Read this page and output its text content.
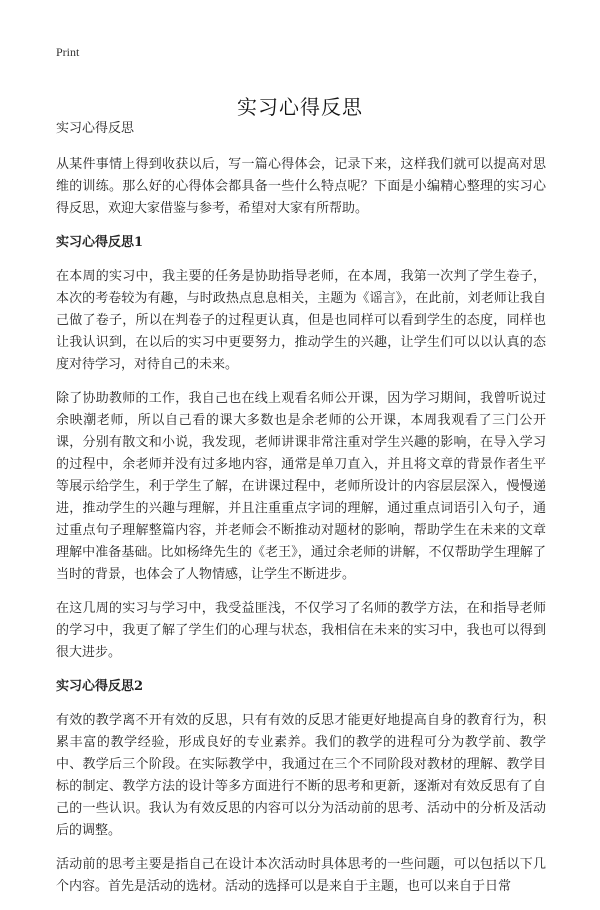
Print
实习心得反思

实习心得反思

从某件事情上得到收获以后，写一篇心得体会，记录下来，这样我们就可以提高对思维的训练。那么好的心得体会都具备一些什么特点呢？下面是小编精心整理的实习心得反思，欢迎大家借鉴与参考，希望对大家有所帮助。

实习心得反思1

在本周的实习中，我主要的任务是协助指导老师，在本周，我第一次判了学生卷子，本次的考卷较为有趣，与时政热点息息相关，主题为《谣言》，在此前，刘老师让我自己做了卷子，所以在判卷子的过程更认真，但是也同样可以看到学生的态度，同样也让我认识到，在以后的实习中更要努力，推动学生的兴趣，让学生们可以以认真的态度对待学习，对待自己的未来。

除了协助教师的工作，我自己也在线上观看名师公开课，因为学习期间，我曾听说过余映潮老师，所以自己看的课大多数也是余老师的公开课，本周我观看了三门公开课，分别有散文和小说，我发现，老师讲课非常注重对学生兴趣的影响，在导入学习的过程中，余老师并没有过多地内容，通常是单刀直入，并且将文章的背景作者生平等展示给学生，利于学生了解，在讲课过程中，老师所设计的内容层层深入，慢慢递进，推动学生的兴趣与理解，并且注重重点字词的理解，通过重点词语引入句子，通过重点句子理解整篇内容，并老师会不断推动对题材的影响，帮助学生在未来的文章理解中准备基础。比如杨绛先生的《老王》，通过余老师的讲解，不仅帮助学生理解了当时的背景，也体会了人物情感，让学生不断进步。

在这几周的实习与学习中，我受益匪浅，不仅学习了名师的教学方法，在和指导老师的学习中，我更了解了学生们的心理与状态，我相信在未来的实习中，我也可以得到很大进步。

实习心得反思2

有效的教学离不开有效的反思，只有有效的反思才能更好地提高自身的教育行为，积累丰富的教学经验，形成良好的专业素养。我们的教学的进程可分为教学前、教学中、教学后三个阶段。在实际教学中，我通过在三个不同阶段对教材的理解、教学目标的制定、教学方法的设计等多方面进行不断的思考和更新，逐渐对有效反思有了自己的一些认识。我认为有效反思的内容可以分为活动前的思考、活动中的分析及活动后的调整。

活动前的思考主要是指自己在设计本次活动时具体思考的一些问题，可以包括以下几个内容。首先是活动的选材。活动的选择可以是来自于主题，也可以来自于日常
